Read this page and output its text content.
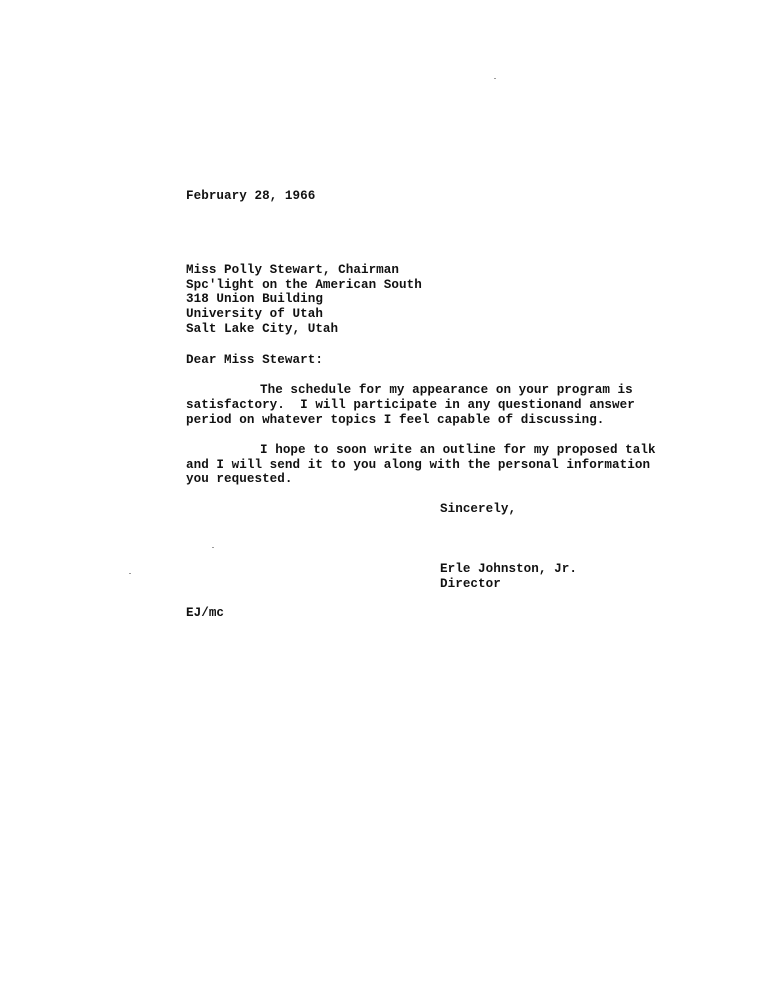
February 28, 1966
Miss Polly Stewart, Chairman
Spc'light on the American South
318 Union Building
University of Utah
Salt Lake City, Utah
Dear Miss Stewart:
The schedule for my appearance on your program is
satisfactory.  I will participate in any questionand answer
period on whatever topics I feel capable of discussing.
I hope to soon write an outline for my proposed talk
and I will send it to you along with the personal information
you requested.
Sincerely,
Erle Johnston, Jr.
Director
EJ/mc
